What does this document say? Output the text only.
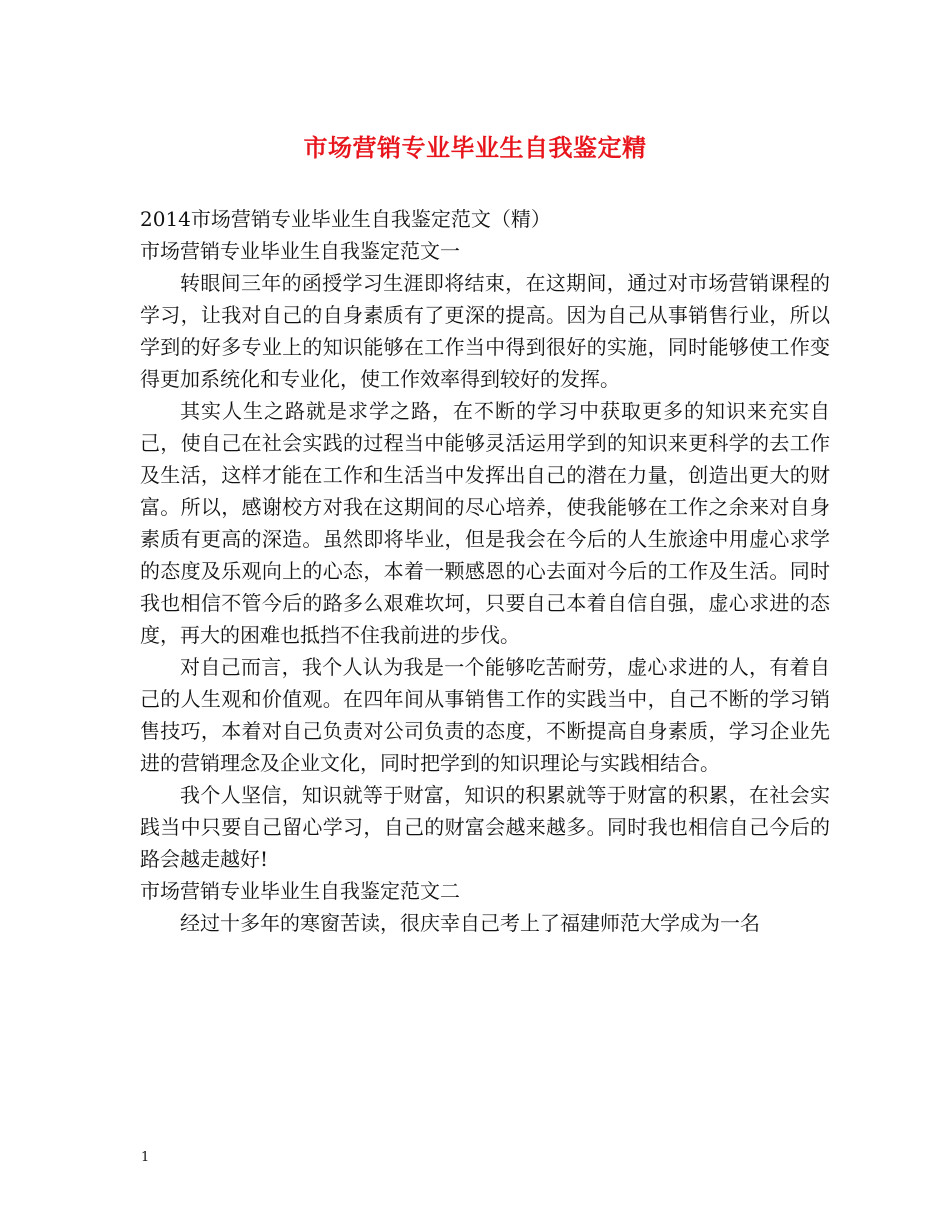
市场营销专业毕业生自我鉴定精

2014市场营销专业毕业生自我鉴定范文（精）

市场营销专业毕业生自我鉴定范文一

转眼间三年的函授学习生涯即将结束，在这期间，通过对市场营销课程的学习，让我对自己的自身素质有了更深的提高。因为自己从事销售行业，所以学到的好多专业上的知识能够在工作当中得到很好的实施，同时能够使工作变得更加系统化和专业化，使工作效率得到较好的发挥。

其实人生之路就是求学之路，在不断的学习中获取更多的知识来充实自己，使自己在社会实践的过程当中能够灵活运用学到的知识来更科学的去工作及生活，这样才能在工作和生活当中发挥出自己的潜在力量，创造出更大的财富。所以，感谢校方对我在这期间的尽心培养，使我能够在工作之余来对自身素质有更高的深造。虽然即将毕业，但是我会在今后的人生旅途中用虚心求学的态度及乐观向上的心态，本着一颗感恩的心去面对今后的工作及生活。同时我也相信不管今后的路多么艰难坎坷，只要自己本着自信自强，虚心求进的态度，再大的困难也抵挡不住我前进的步伐。

对自己而言，我个人认为我是一个能够吃苦耐劳，虚心求进的人，有着自己的人生观和价值观。在四年间从事销售工作的实践当中，自己不断的学习销售技巧，本着对自己负责对公司负责的态度，不断提高自身素质，学习企业先进的营销理念及企业文化，同时把学到的知识理论与实践相结合。

我个人坚信，知识就等于财富，知识的积累就等于财富的积累，在社会实践当中只要自己留心学习，自己的财富会越来越多。同时我也相信自己今后的路会越走越好!

市场营销专业毕业生自我鉴定范文二

经过十多年的寒窗苦读，很庆幸自己考上了福建师范大学成为一名

1
